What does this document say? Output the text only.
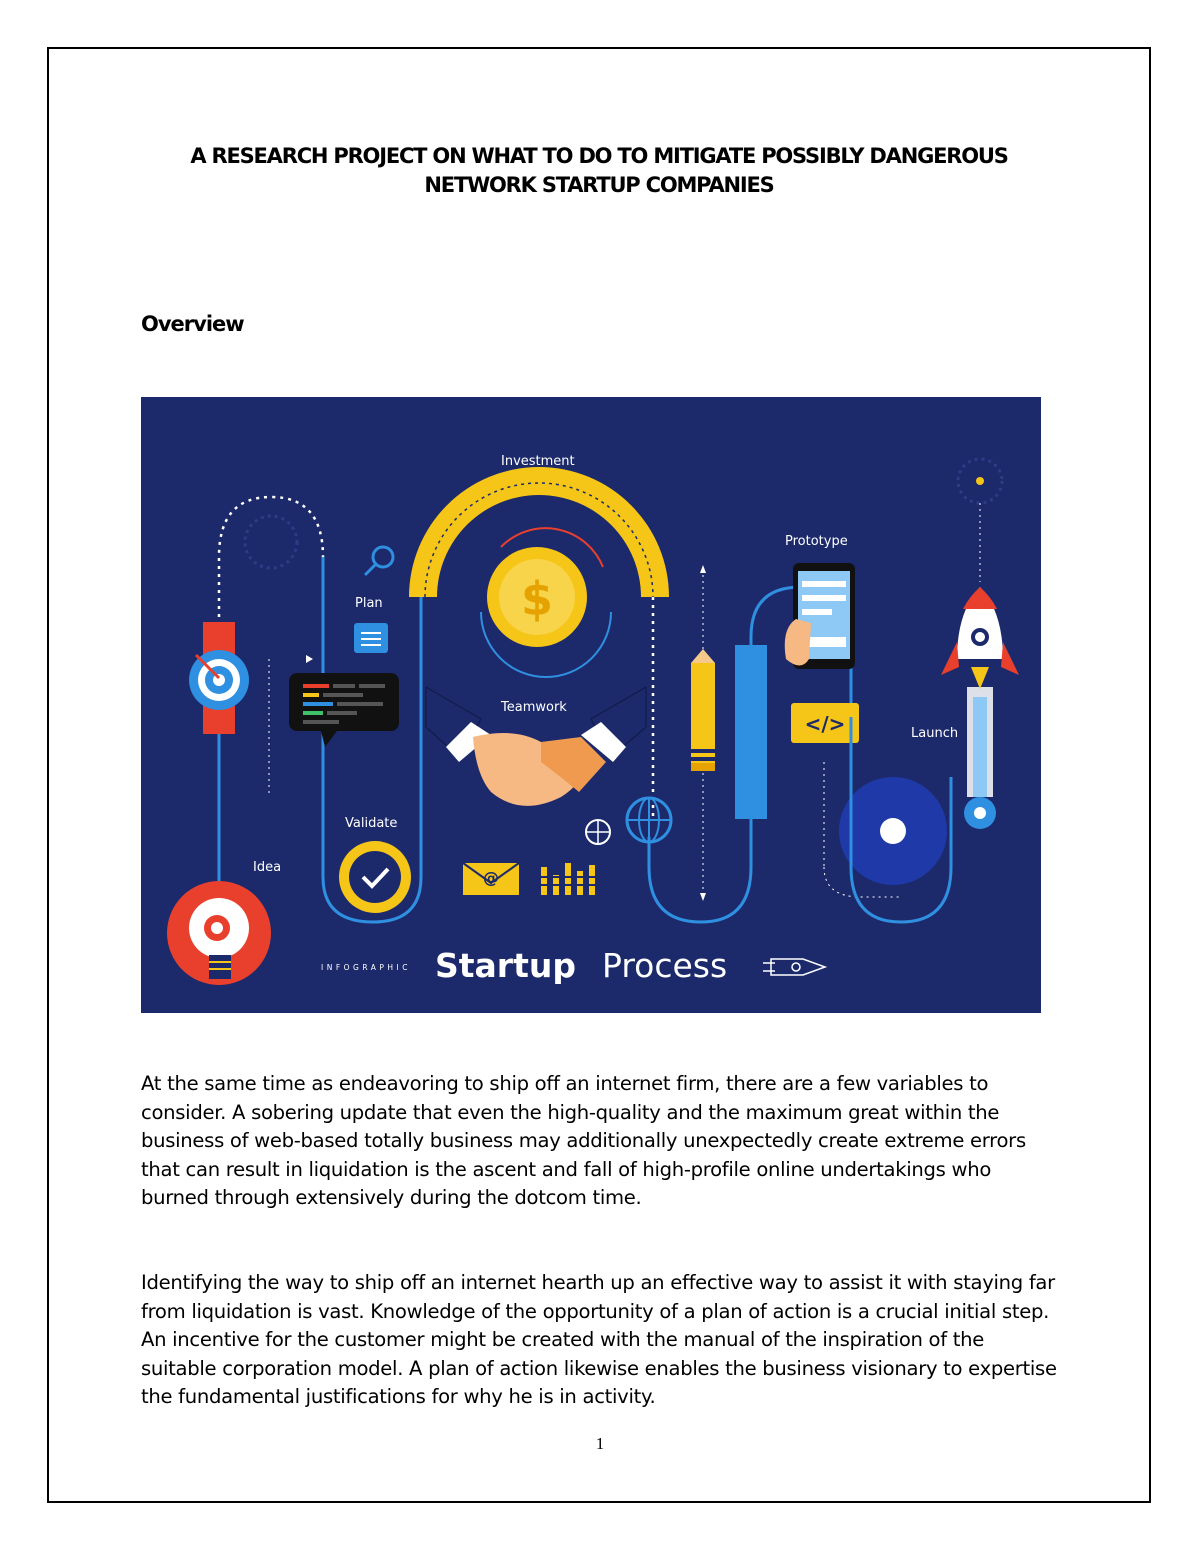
A RESEARCH PROJECT ON WHAT TO DO TO MITIGATE POSSIBLY DANGEROUS
NETWORK STARTUP COMPANIES
Overview
Idea
Plan
Validate
Investment
$
Teamwork
@
Prototype
</>	Launch
INFOGRAPHIC Startup Process

At the same time as endeavoring to ship off an internet firm, there are a few variables to consider. A sobering update that even the high-quality and the maximum great within the business of web-based totally business may additionally unexpectedly create extreme errors that can result in liquidation is the ascent and fall of high-profile online undertakings who burned through extensively during the dotcom time.

Identifying the way to ship off an internet hearth up an effective way to assist it with staying far from liquidation is vast. Knowledge of the opportunity of a plan of action is a crucial initial step. An incentive for the customer might be created with the manual of the inspiration of the suitable corporation model. A plan of action likewise enables the business visionary to expertise the fundamental justifications for why he is in activity.

1
